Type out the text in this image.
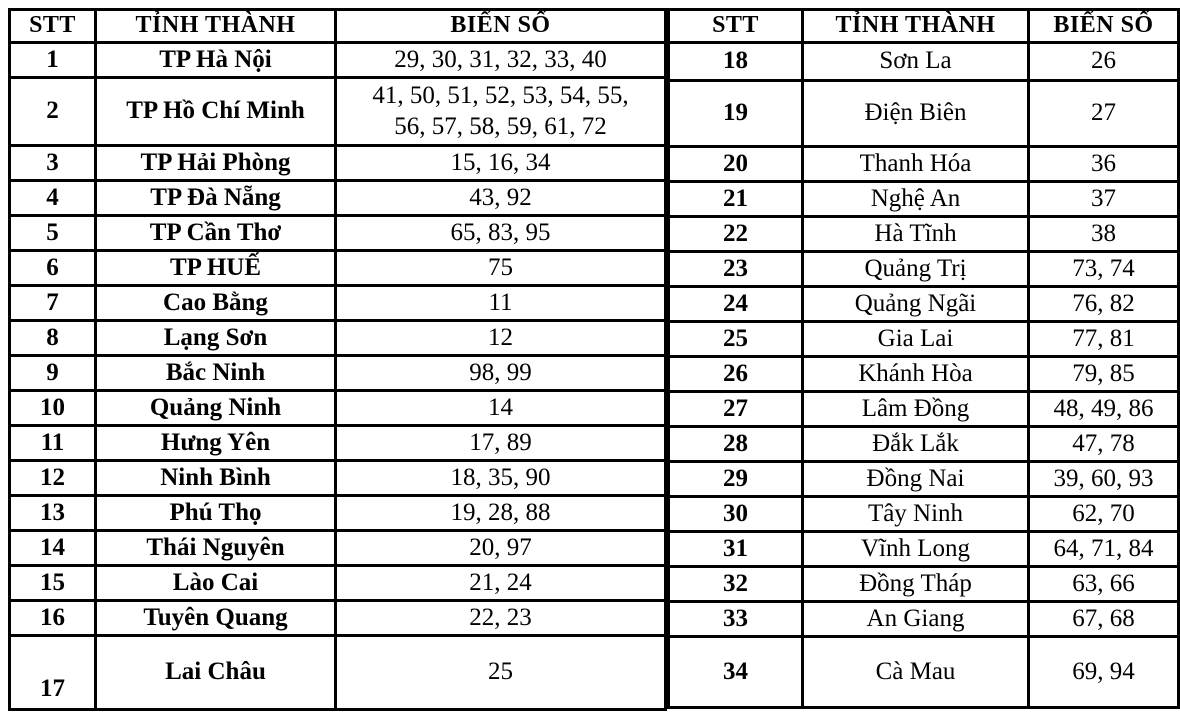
STT	TỈNH THÀNH	BIỂN SỐ
1	TP Hà Nội	29, 30, 31, 32, 33, 40
2	TP Hồ Chí Minh	41, 50, 51, 52, 53, 54, 55, 56, 57, 58, 59, 61, 72
3	TP Hải Phòng	15, 16, 34
4	TP Đà Nẵng	43, 92
5	TP Cần Thơ	65, 83, 95
6	TP HUẾ	75
7	Cao Bằng	11
8	Lạng Sơn	12
9	Bắc Ninh	98, 99
10	Quảng Ninh	14
11	Hưng Yên	17, 89
12	Ninh Bình	18, 35, 90
13	Phú Thọ	19, 28, 88
14	Thái Nguyên	20, 97
15	Lào Cai	21, 24
16	Tuyên Quang	22, 23
17	Lai Châu	25
STT	TỈNH THÀNH	BIỂN SỐ
18	Sơn La	26
19	Điện Biên	27
20	Thanh Hóa	36
21	Nghệ An	37
22	Hà Tĩnh	38
23	Quảng Trị	73, 74
24	Quảng Ngãi	76, 82
25	Gia Lai	77, 81
26	Khánh Hòa	79, 85
27	Lâm Đồng	48, 49, 86
28	Đắk Lắk	47, 78
29	Đồng Nai	39, 60, 93
30	Tây Ninh	62, 70
31	Vĩnh Long	64, 71, 84
32	Đồng Tháp	63, 66
33	An Giang	67, 68
34	Cà Mau	69, 94
